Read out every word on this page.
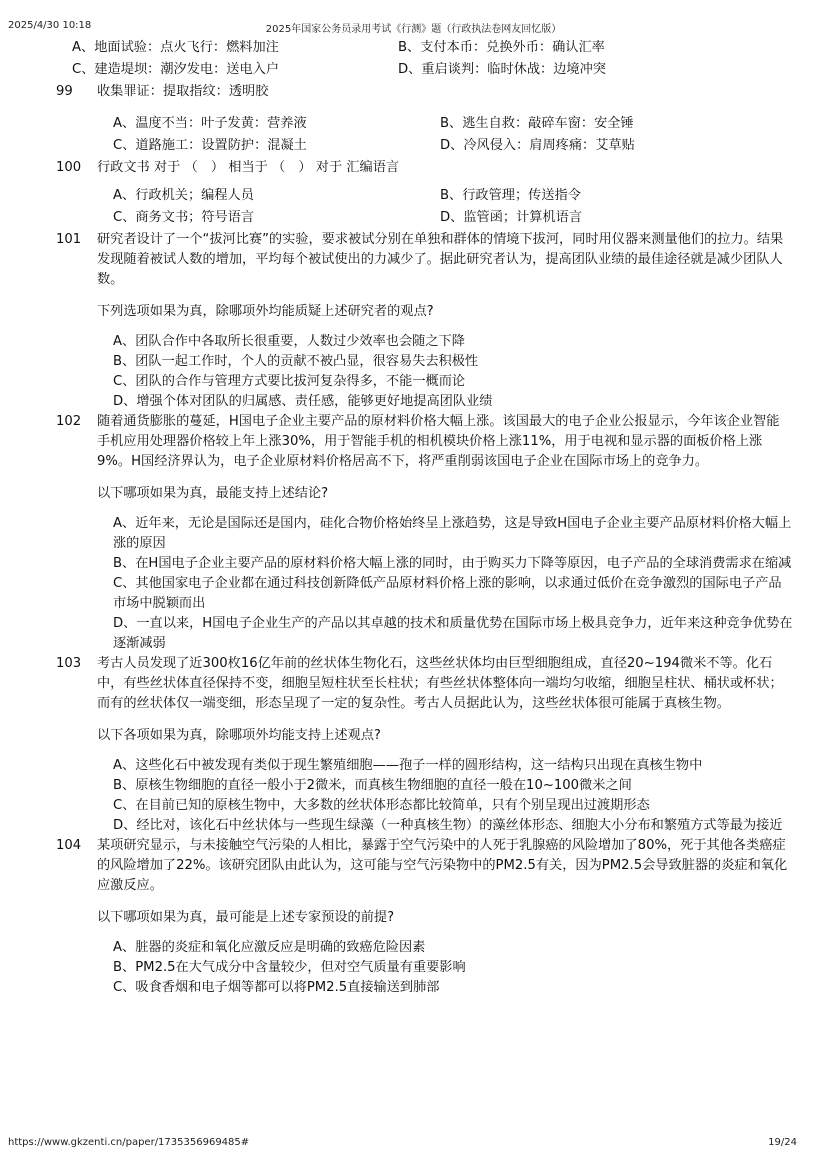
2025/4/30 10:18	2025年国家公务员录用考试《行测》题（行政执法卷网友回忆版）
A、地面试验：点火飞行：燃料加注	B、支付本币：兑换外币：确认汇率
C、建造堤坝：潮汐发电：送电入户	D、重启谈判：临时休战：边境冲突
99 收集罪证：提取指纹：透明胶
A、温度不当：叶子发黄：营养液	B、逃生自救：敲碎车窗：安全锤
C、道路施工：设置防护：混凝土	D、冷风侵入：肩周疼痛：艾草贴
100 行政文书 对于 （　） 相当于 （　） 对于 汇编语言
A、行政机关；编程人员	B、行政管理；传送指令
C、商务文书；符号语言	D、监管函；计算机语言
101 研究者设计了一个“拔河比赛”的实验，要求被试分别在单独和群体的情境下拔河，同时用仪器来测量他们的拉力。结果发现随着被试人数的增加，平均每个被试使出的力减少了。据此研究者认为，提高团队业绩的最佳途径就是减少团队人数。
下列选项如果为真，除哪项外均能质疑上述研究者的观点?
A、团队合作中各取所长很重要，人数过少效率也会随之下降
B、团队一起工作时，个人的贡献不被凸显，很容易失去积极性
C、团队的合作与管理方式要比拔河复杂得多，不能一概而论
D、增强个体对团队的归属感、责任感，能够更好地提高团队业绩
102 随着通货膨胀的蔓延，H国电子企业主要产品的原材料价格大幅上涨。该国最大的电子企业公报显示，今年该企业智能手机应用处理器价格较上年上涨30%，用于智能手机的相机模块价格上涨11%，用于电视和显示器的面板价格上涨9%。H国经济界认为，电子企业原材料价格居高不下，将严重削弱该国电子企业在国际市场上的竞争力。
以下哪项如果为真，最能支持上述结论?
A、近年来，无论是国际还是国内，硅化合物价格始终呈上涨趋势，这是导致H国电子企业主要产品原材料价格大幅上涨的原因
B、在H国电子企业主要产品的原材料价格大幅上涨的同时，由于购买力下降等原因，电子产品的全球消费需求在缩减
C、其他国家电子企业都在通过科技创新降低产品原材料价格上涨的影响，以求通过低价在竞争激烈的国际电子产品市场中脱颖而出
D、一直以来，H国电子企业生产的产品以其卓越的技术和质量优势在国际市场上极具竞争力，近年来这种竞争优势在逐渐减弱
103 考古人员发现了近300枚16亿年前的丝状体生物化石，这些丝状体均由巨型细胞组成，直径20~194微米不等。化石中，有些丝状体直径保持不变，细胞呈短柱状至长柱状；有些丝状体整体向一端均匀收缩，细胞呈柱状、桶状或杯状；而有的丝状体仅一端变细，形态呈现了一定的复杂性。考古人员据此认为，这些丝状体很可能属于真核生物。
以下各项如果为真，除哪项外均能支持上述观点?
A、这些化石中被发现有类似于现生繁殖细胞——孢子一样的圆形结构，这一结构只出现在真核生物中
B、原核生物细胞的直径一般小于2微米，而真核生物细胞的直径一般在10~100微米之间
C、在目前已知的原核生物中，大多数的丝状体形态都比较简单，只有个别呈现出过渡期形态
D、经比对，该化石中丝状体与一些现生绿藻（一种真核生物）的藻丝体形态、细胞大小分布和繁殖方式等最为接近
104 某项研究显示，与未接触空气污染的人相比，暴露于空气污染中的人死于乳腺癌的风险增加了80%，死于其他各类癌症的风险增加了22%。该研究团队由此认为，这可能与空气污染物中的PM2.5有关，因为PM2.5会导致脏器的炎症和氧化应激反应。
以下哪项如果为真，最可能是上述专家预设的前提?
A、脏器的炎症和氧化应激反应是明确的致癌危险因素
B、PM2.5在大气成分中含量较少，但对空气质量有重要影响
C、吸食香烟和电子烟等都可以将PM2.5直接输送到肺部
https://www.gkzenti.cn/paper/1735356969485#	19/24
